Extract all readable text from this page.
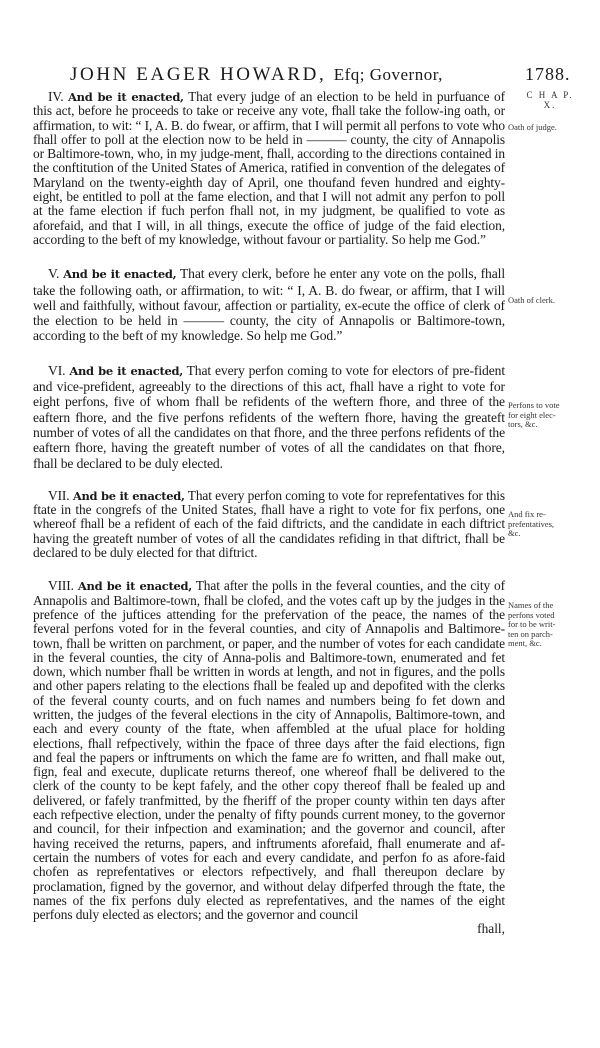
JOHN EAGER HOWARD, Efq; Governor,	1788.
C H A P.
X.
Oath of judge.
Oath of clerk.
Perfons to vote for eight elec-tors, &c.
And fix re-prefentatives, &c.
Names of the perfons voted for to be writ-ten on parch-ment, &c.

IV. And be it enacted, That every judge of an election to be held in purfuance of this act, before he proceeds to take or receive any vote, fhall take the follow-ing oath, or affirmation, to wit: “ I, A. B. do fwear, or affirm, that I will permit all perfons to vote who fhall offer to poll at the election now to be held in ——— county, the city of Annapolis or Baltimore-town, who, in my judge-ment, fhall, according to the directions contained in the conftitution of the United States of America, ratified in convention of the delegates of Maryland on the twenty-eighth day of April, one thoufand feven hundred and eighty-eight, be entitled to poll at the fame election, and that I will not admit any perfon to poll at the fame election if fuch perfon fhall not, in my judgment, be qualified to vote as aforefaid, and that I will, in all things, execute the office of judge of the faid election, according to the beft of my knowledge, without favour or partiality. So help me God.”

V. And be it enacted, That every clerk, before he enter any vote on the polls, fhall take the following oath, or affirmation, to wit: “ I, A. B. do fwear, or affirm, that I will well and faithfully, without favour, affection or partiality, ex-ecute the office of clerk of the election to be held in ——— county, the city of Annapolis or Baltimore-town, according to the beft of my knowledge. So help me God.”

VI. And be it enacted, That every perfon coming to vote for electors of pre-fident and vice-prefident, agreeably to the directions of this act, fhall have a right to vote for eight perfons, five of whom fhall be refidents of the weftern fhore, and three of the eaftern fhore, and the five perfons refidents of the weftern fhore, having the greateft number of votes of all the candidates on that fhore, and the three perfons refidents of the eaftern fhore, having the greateft number of votes of all the candidates on that fhore, fhall be declared to be duly elected.

VII. And be it enacted, That every perfon coming to vote for reprefentatives for this ftate in the congrefs of the United States, fhall have a right to vote for fix perfons, one whereof fhall be a refident of each of the faid diftricts, and the candidate in each diftrict having the greateft number of votes of all the candidates refiding in that diftrict, fhall be declared to be duly elected for that diftrict.

VIII. And be it enacted, That after the polls in the feveral counties, and the city of Annapolis and Baltimore-town, fhall be clofed, and the votes caft up by the judges in the prefence of the juftices attending for the prefervation of the peace, the names of the feveral perfons voted for in the feveral counties, and city of Annapolis and Baltimore-town, fhall be written on parchment, or paper, and the number of votes for each candidate in the feveral counties, the city of Anna-polis and Baltimore-town, enumerated and fet down, which number fhall be written in words at length, and not in figures, and the polls and other papers relating to the elections fhall be fealed up and depofited with the clerks of the feveral county courts, and on fuch names and numbers being fo fet down and written, the judges of the feveral elections in the city of Annapolis, Baltimore-town, and each and every county of the ftate, when affembled at the ufual place for holding elections, fhall refpectively, within the fpace of three days after the faid elections, fign and feal the papers or inftruments on which the fame are fo written, and fhall make out, fign, feal and execute, duplicate returns thereof, one whereof fhall be delivered to the clerk of the county to be kept fafely, and the other copy thereof fhall be fealed up and delivered, or fafely tranfmitted, by the fheriff of the proper county within ten days after each refpective election, under the penalty of fifty pounds current money, to the governor and council, for their infpection and examination; and the governor and council, after having received the returns, papers, and inftruments aforefaid, fhall enumerate and af-certain the numbers of votes for each and every candidate, and perfon fo as afore-faid chofen as reprefentatives or electors refpectively, and fhall thereupon declare by proclamation, figned by the governor, and without delay difperfed through the ftate, the names of the fix perfons duly elected as reprefentatives, and the names of the eight perfons duly elected as electors; and the governor and council

fhall,
